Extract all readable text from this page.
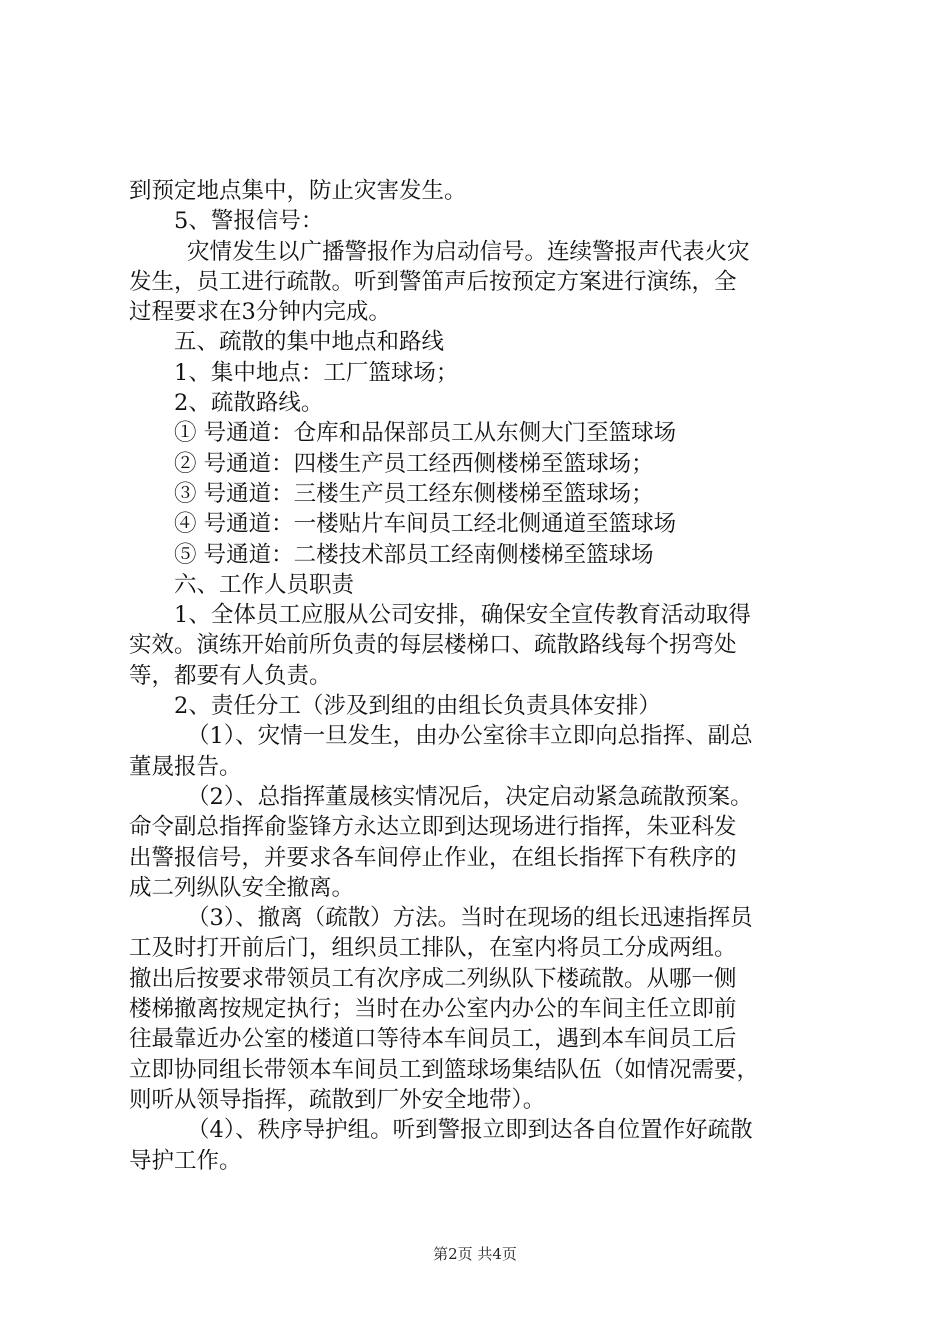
到预定地点集中，防止灾害发生。
5、警报信号：
灾情发生以广播警报作为启动信号。连续警报声代表火灾
发生，员工进行疏散。听到警笛声后按预定方案进行演练，全
过程要求在3分钟内完成。
五、疏散的集中地点和路线
1、集中地点：工厂篮球场；
2、疏散路线。
① 号通道：仓库和品保部员工从东侧大门至篮球场
② 号通道：四楼生产员工经西侧楼梯至篮球场；
③ 号通道：三楼生产员工经东侧楼梯至篮球场；
④ 号通道：一楼贴片车间员工经北侧通道至篮球场
⑤ 号通道：二楼技术部员工经南侧楼梯至篮球场
六、工作人员职责
1、全体员工应服从公司安排，确保安全宣传教育活动取得
实效。演练开始前所负责的每层楼梯口、疏散路线每个拐弯处
等，都要有人负责。
2、责任分工（涉及到组的由组长负责具体安排）
（1）、灾情一旦发生，由办公室徐丰立即向总指挥、副总
董晟报告。
（2）、总指挥董晟核实情况后，决定启动紧急疏散预案。
命令副总指挥俞鉴锋方永达立即到达现场进行指挥，朱亚科发
出警报信号，并要求各车间停止作业，在组长指挥下有秩序的
成二列纵队安全撤离。
（3）、撤离（疏散）方法。当时在现场的组长迅速指挥员
工及时打开前后门，组织员工排队，在室内将员工分成两组。
撤出后按要求带领员工有次序成二列纵队下楼疏散。从哪一侧
楼梯撤离按规定执行；当时在办公室内办公的车间主任立即前
往最靠近办公室的楼道口等待本车间员工，遇到本车间员工后
立即协同组长带领本车间员工到篮球场集结队伍（如情况需要，
则听从领导指挥，疏散到厂外安全地带）。
（4）、秩序导护组。听到警报立即到达各自位置作好疏散
导护工作。
第2页 共4页
